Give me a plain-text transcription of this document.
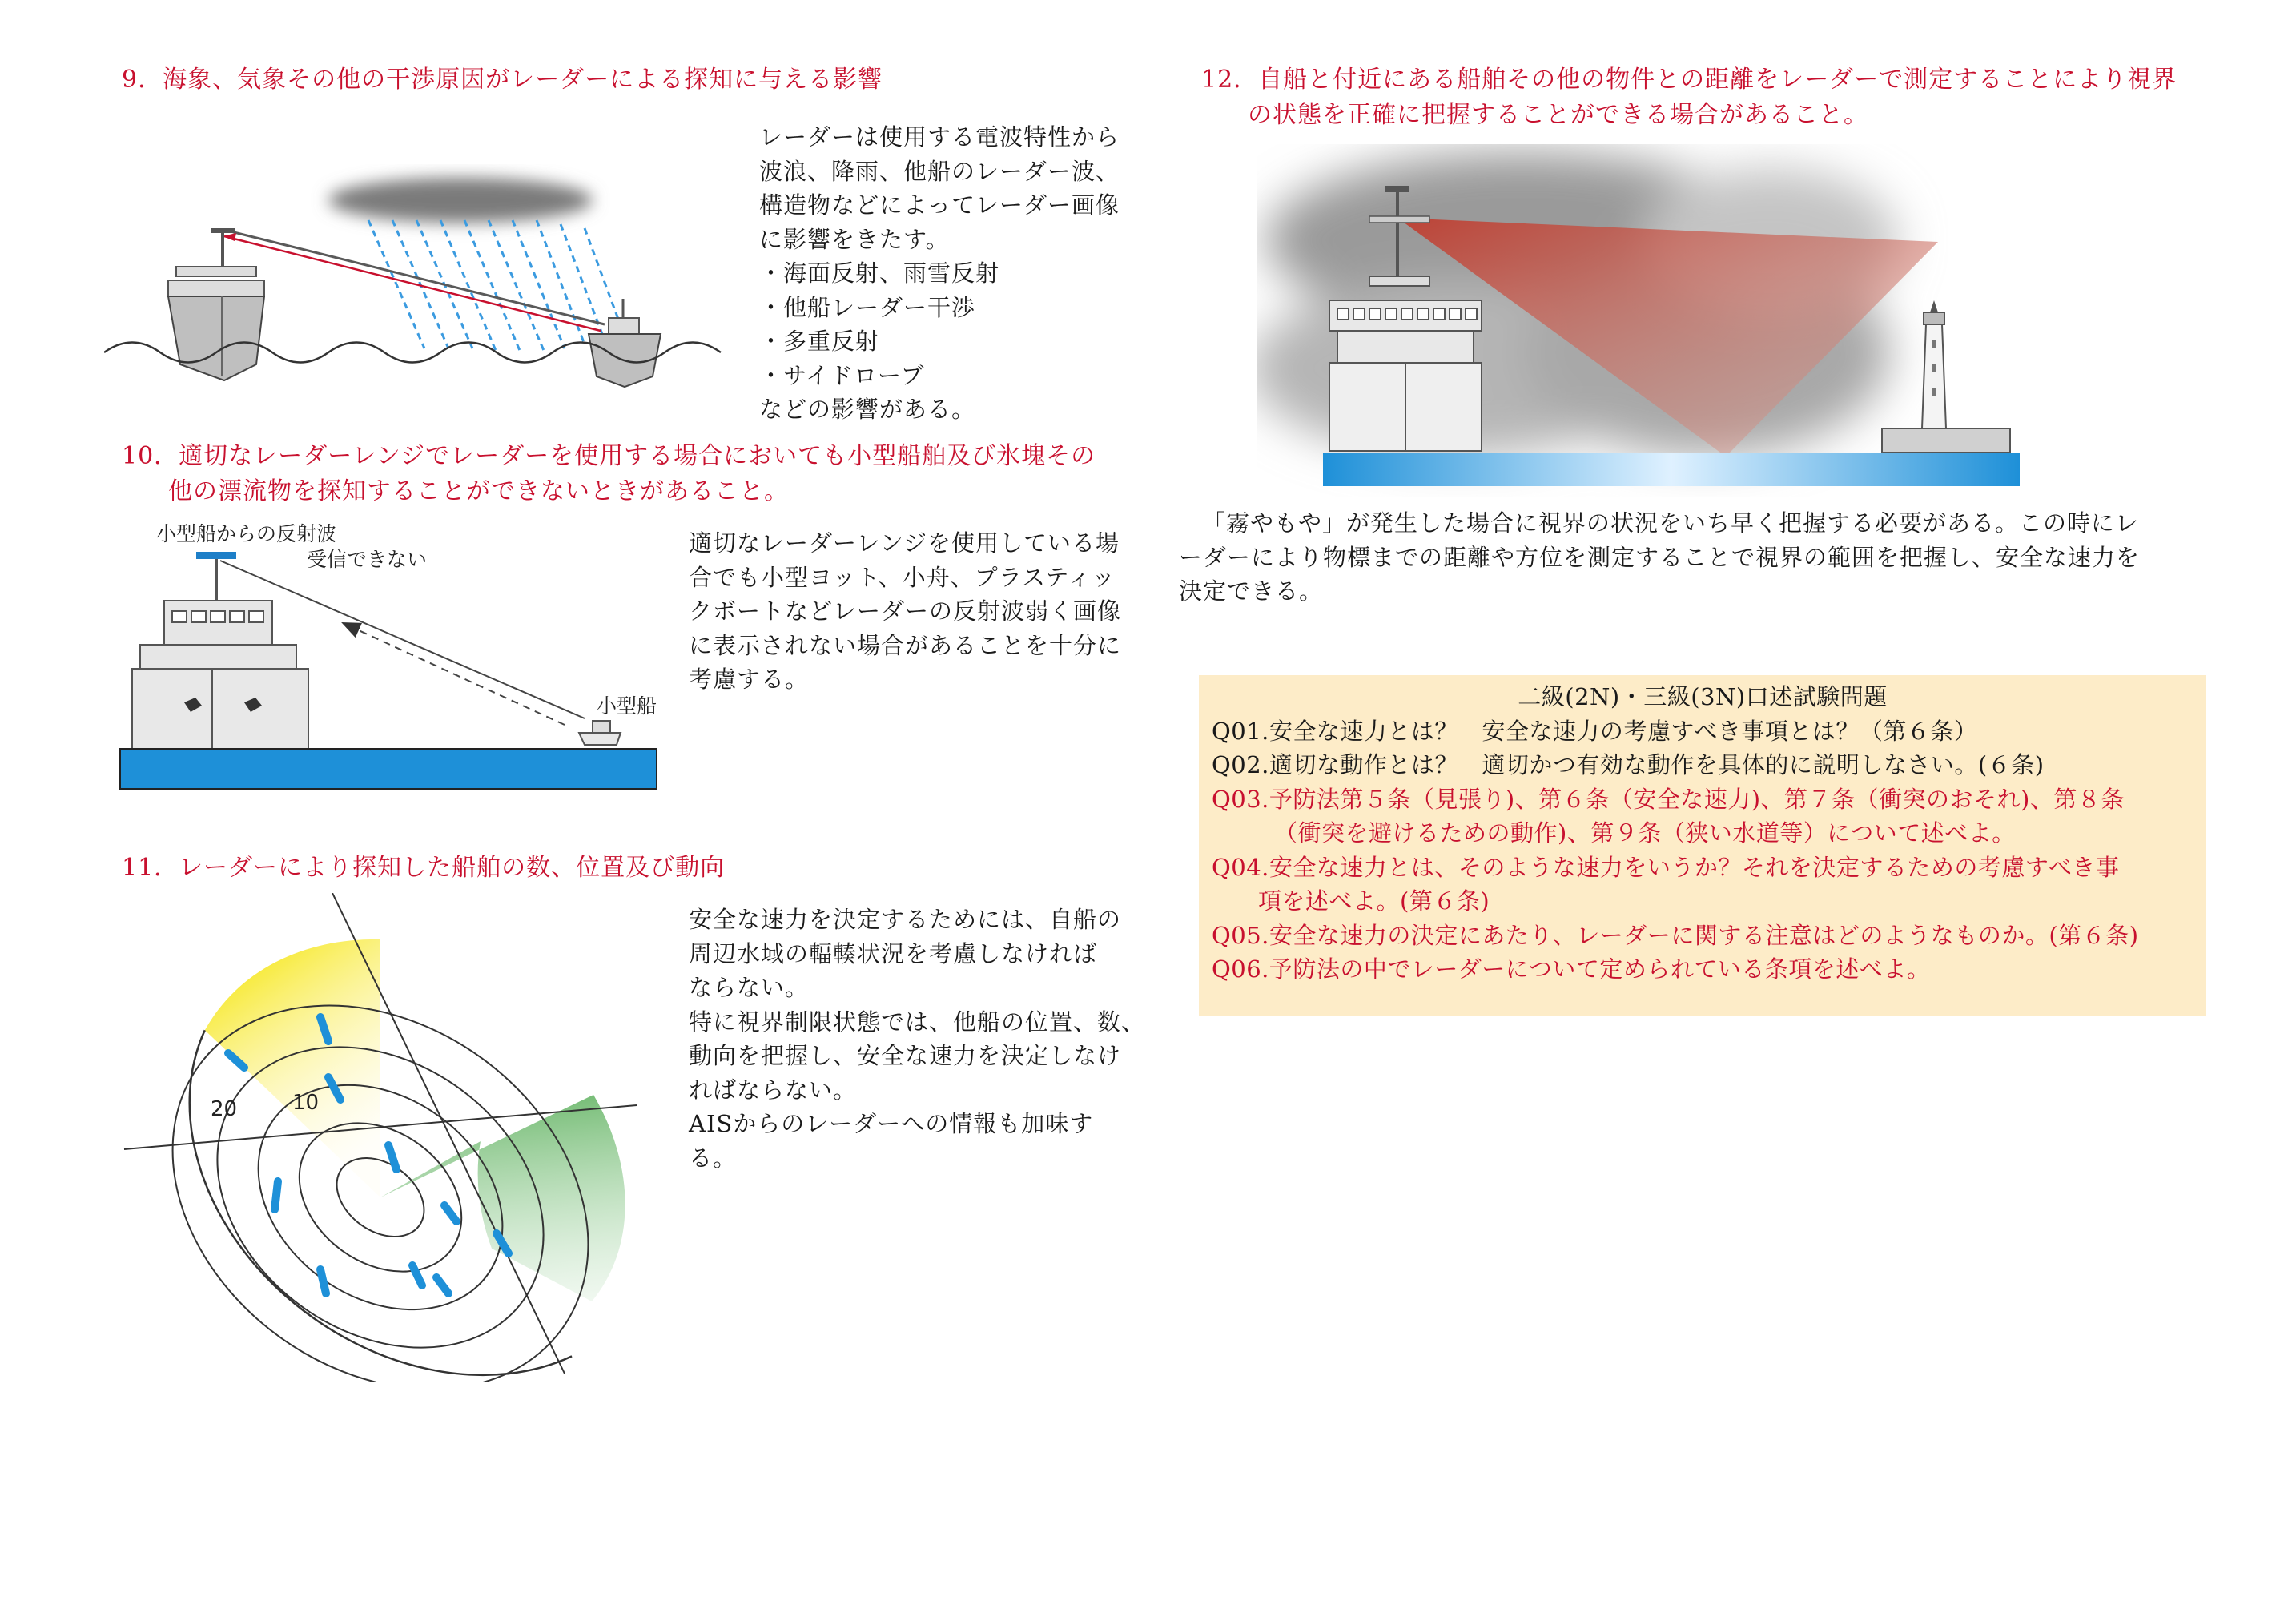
9．海象、気象その他の干渉原因がレーダーによる探知に与える影響
レーダーは使用する電波特性から
波浪、降雨、他船のレーダー波、
構造物などによってレーダー画像
に影響をきたす。
・海面反射、雨雪反射
・他船レーダー干渉
・多重反射
・サイドローブ
などの影響がある。
10．適切なレーダーレンジでレーダーを使用する場合においても小型船舶及び氷塊その
他の漂流物を探知することができないときがあること。
小型船からの反射波
受信できない
小型船
適切なレーダーレンジを使用している場
合でも小型ヨット、小舟、プラスティッ
クボートなどレーダーの反射波弱く画像
に表示されない場合があることを十分に
考慮する。
11．レーダーにより探知した船舶の数、位置及び動向
20	10
安全な速力を決定するためには、自船の
周辺水域の輻輳状況を考慮しなければ
ならない。
特に視界制限状態では、他船の位置、数、
動向を把握し、安全な速力を決定しなけ
ればならない。
AISからのレーダーへの情報も加味す
る。
12．自船と付近にある船舶その他の物件との距離をレーダーで測定することにより視界
の状態を正確に把握することができる場合があること。
「霧やもや」が発生した場合に視界の状況をいち早く把握する必要がある。この時にレ
ーダーにより物標までの距離や方位を測定することで視界の範囲を把握し、安全な速力を
決定できる。
二級(2N)・三級(3N)口述試験問題
Q01.安全な速力とは？　安全な速力の考慮すべき事項とは？（第６条）
Q02.適切な動作とは？　適切かつ有効な動作を具体的に説明しなさい。(６条)
Q03.予防法第５条（見張り)、第６条（安全な速力)、第７条（衝突のおそれ)、第８条
（衝突を避けるための動作)、第９条（狭い水道等）について述べよ。
Q04.安全な速力とは、そのような速力をいうか？それを決定するための考慮すべき事
項を述べよ。(第６条)
Q05.安全な速力の決定にあたり、レーダーに関する注意はどのようなものか。(第６条)
Q06.予防法の中でレーダーについて定められている条項を述べよ。
